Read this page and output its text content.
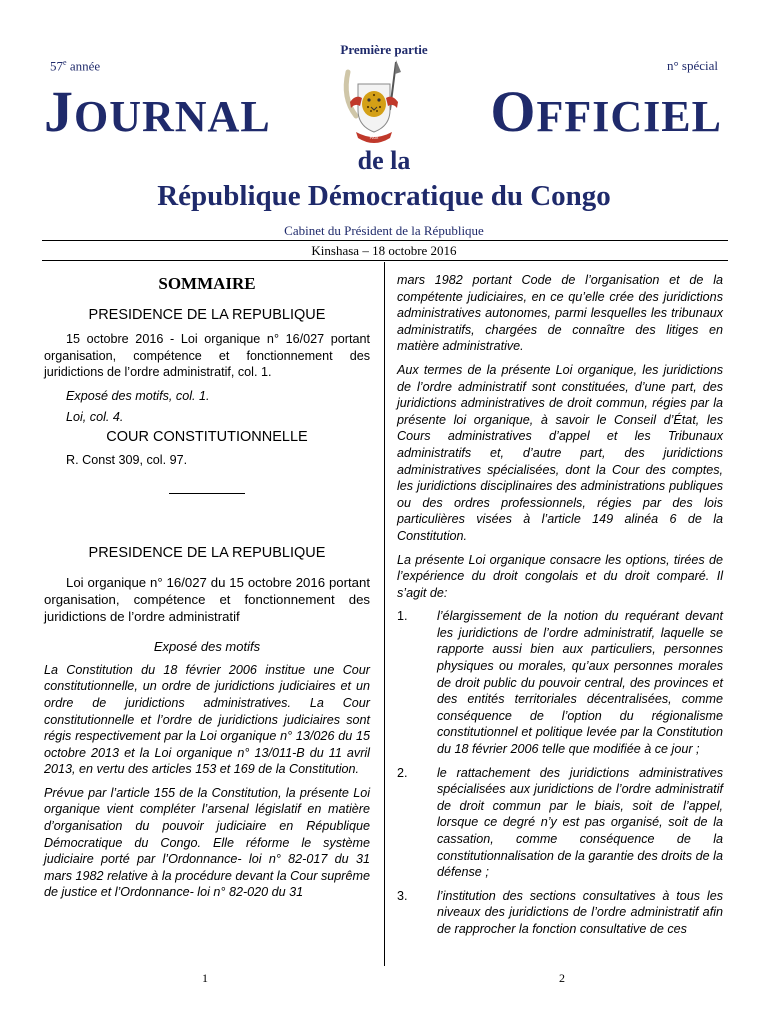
Première partie
57e année	n° spécial
JOURNAL	OFFICIEL
PAIX
de la
République Démocratique du Congo
Cabinet du Président de la République
Kinshasa – 18 octobre 2016
SOMMAIRE
PRESIDENCE DE LA REPUBLIQUE

15 octobre 2016 - Loi organique n° 16/027 portant organisation, compétence et fonctionnement des juridictions de l’ordre administratif, col. 1.

Exposé des motifs, col. 1.

Loi, col. 4.

COUR CONSTITUTIONNELLE

R. Const 309, col. 97.

PRESIDENCE DE LA REPUBLIQUE
Loi organique n° 16/027 du 15 octobre 2016 portant organisation, compétence et fonctionnement des juridictions de l’ordre administratif
Exposé des motifs

La Constitution du 18 février 2006 institue une Cour constitutionnelle, un ordre de juridictions judiciaires et un ordre de juridictions administratives. La Cour constitutionnelle et l’ordre de juridictions judiciaires sont régis respectivement par la Loi organique n° 13/026 du 15 octobre 2013 et la Loi organique n° 13/011-B du 11 avril 2013, en vertu des articles 153 et 169 de la Constitution.

Prévue par l’article 155 de la Constitution, la présente Loi organique vient compléter l’arsenal législatif en matière d’organisation du pouvoir judiciaire en République Démocratique du Congo. Elle réforme le système judiciaire porté par l’Ordonnance- loi n° 82-017 du 31 mars 1982 relative à la procédure devant la Cour suprême de justice et l’Ordonnance- loi n° 82-020 du 31

mars 1982 portant Code de l’organisation et de la compétente judiciaires, en ce qu’elle crée des juridictions administratives autonomes, parmi lesquelles les tribunaux administratifs, chargées de connaître des litiges en matière administrative.

Aux termes de la présente Loi organique, les juridictions de l’ordre administratif sont constituées, d’une part, des juridictions administratives de droit commun, régies par la présente loi organique, à savoir le Conseil d’État, les Cours administratives d’appel et les Tribunaux administratifs et, d’autre part, des juridictions administratives spécialisées, dont la Cour des comptes, les juridictions disciplinaires des administrations publiques ou des ordres professionnels, régies par des lois particulières visées à l’article 149 alinéa 6 de la Constitution.

La présente Loi organique consacre les options, tirées de l’expérience du droit congolais et du droit comparé. Il s’agit de:

1.	l’élargissement de la notion du requérant devant les juridictions de l’ordre administratif, laquelle se rapporte aussi bien aux particuliers, personnes physiques ou morales, qu’aux personnes morales de droit public du pouvoir central, des provinces et des entités territoriales décentralisées, comme conséquence de l’option du régionalisme constitutionnel et politique levée par la Constitution du 18 février 2006 telle que modifiée à ce jour ;
2.	le rattachement des juridictions administratives spécialisées aux juridictions de l’ordre administratif de droit commun par le biais, soit de l’appel, lorsque ce degré n’y est pas organisé, soit de la cassation, comme conséquence de la constitutionnalisation de la garantie des droits de la défense ;
3.	l’institution des sections consultatives à tous les niveaux des juridictions de l’ordre administratif afin de rapprocher la fonction consultative de ces
1	2
